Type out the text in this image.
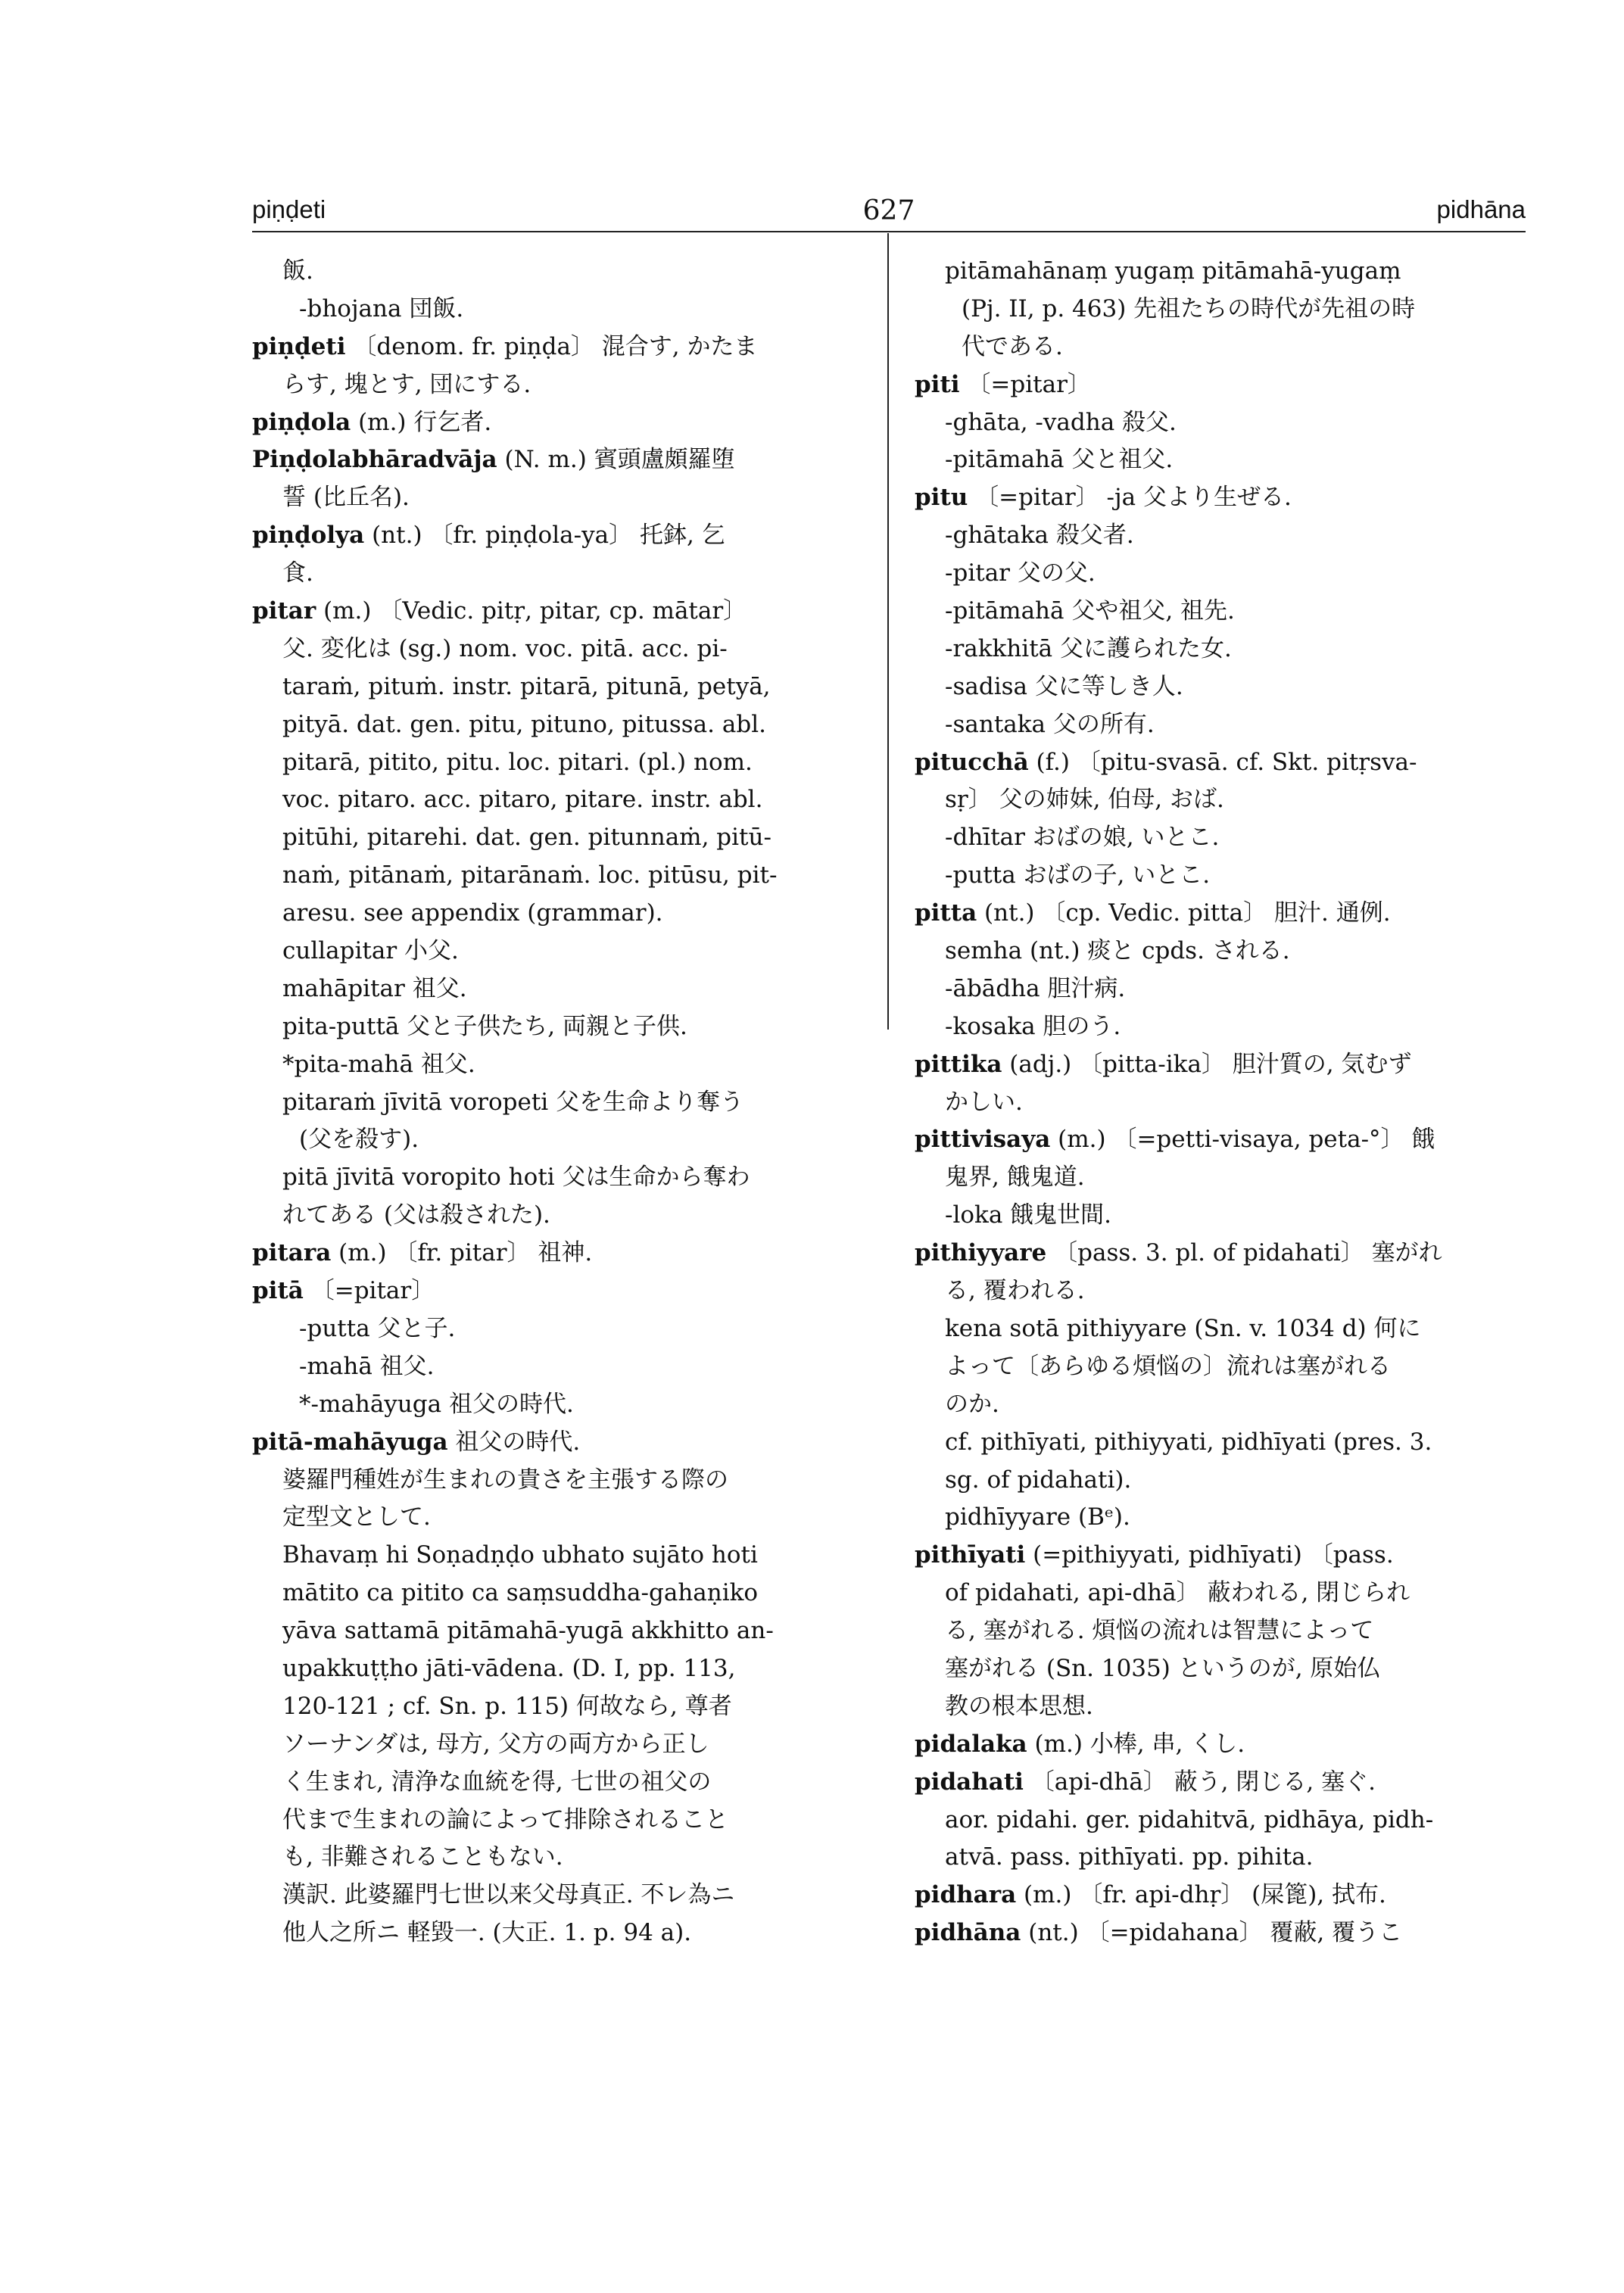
piṇḍeti	627	pidhāna
飯.
-bhojana 団飯.
piṇḍeti 〔denom. fr. piṇḍa〕 混合す, かたま
らす, 塊とす, 団にする.
piṇḍola (m.) 行乞者.
Piṇḍolabhāradvāja (N. m.) 賓頭盧頗羅堕
誓 (比丘名).
piṇḍolya (nt.) 〔fr. piṇḍola-ya〕 托鉢, 乞
食.
pitar (m.) 〔Vedic. pitṛ, pitar, cp. mātar〕
父. 変化は (sg.) nom. voc. pitā. acc. pi-
taraṁ, pituṁ. instr. pitarā, pitunā, petyā,
pityā. dat. gen. pitu, pituno, pitussa. abl.
pitarā, pitito, pitu. loc. pitari. (pl.) nom.
voc. pitaro. acc. pitaro, pitare. instr. abl.
pitūhi, pitarehi. dat. gen. pitunnaṁ, pitū-
naṁ, pitānaṁ, pitarānaṁ. loc. pitūsu, pit-
aresu. see appendix (grammar).
cullapitar 小父.
mahāpitar 祖父.
pita-puttā 父と子供たち, 両親と子供.
*pita-mahā 祖父.
pitaraṁ jīvitā voropeti 父を生命より奪う
(父を殺す).
pitā jīvitā voropito hoti 父は生命から奪わ
れてある (父は殺された).
pitara (m.) 〔fr. pitar〕 祖神.
pitā 〔=pitar〕
-putta 父と子.
-mahā 祖父.
*-mahāyuga 祖父の時代.
pitā-mahāyuga 祖父の時代.
婆羅門種姓が生まれの貴さを主張する際の
定型文として.
Bhavaṃ hi Soṇadṇḍo ubhato sujāto hoti
mātito ca pitito ca saṃsuddha-gahaṇiko
yāva sattamā pitāmahā-yugā akkhitto an-
upakkuṭṭho jāti-vādena. (D. I, pp. 113,
120-121 ; cf. Sn. p. 115) 何故なら, 尊者
ソーナンダは, 母方, 父方の両方から正し
く生まれ, 清浄な血統を得, 七世の祖父の
代まで生まれの論によって排除されること
も, 非難されることもない.
漢訳. 此婆羅門七世以来父母真正. 不レ為ニ
他人之所ニ 軽毀一. (大正. 1. p. 94 a).
pitāmahānaṃ yugaṃ pitāmahā-yugaṃ
(Pj. II, p. 463) 先祖たちの時代が先祖の時
代である.
piti 〔=pitar〕
-ghāta, -vadha 殺父.
-pitāmahā 父と祖父.
pitu 〔=pitar〕 -ja 父より生ぜる.
-ghātaka 殺父者.
-pitar 父の父.
-pitāmahā 父や祖父, 祖先.
-rakkhitā 父に護られた女.
-sadisa 父に等しき人.
-santaka 父の所有.
pitucchā (f.) 〔pitu-svasā. cf. Skt. pitṛsva-
sṛ〕 父の姉妹, 伯母, おば.
-dhītar おばの娘, いとこ.
-putta おばの子, いとこ.
pitta (nt.) 〔cp. Vedic. pitta〕 胆汁. 通例.
semha (nt.) 痰と cpds. される.
-ābādha 胆汁病.
-kosaka 胆のう.
pittika (adj.) 〔pitta-ika〕 胆汁質の, 気むず
かしい.
pittivisaya (m.) 〔=petti-visaya, peta-°〕 餓
鬼界, 餓鬼道.
-loka 餓鬼世間.
pithiyyare 〔pass. 3. pl. of pidahati〕 塞がれ
る, 覆われる.
kena sotā pithiyyare (Sn. v. 1034 d) 何に
よって〔あらゆる煩悩の〕流れは塞がれる
のか.
cf. pithīyati, pithiyyati, pidhīyati (pres. 3.
sg. of pidahati).
pidhīyyare (Bᵉ).
pithīyati (=pithiyyati, pidhīyati) 〔pass.
of pidahati, api-dhā〕 蔽われる, 閉じられ
る, 塞がれる. 煩悩の流れは智慧によって
塞がれる (Sn. 1035) というのが, 原始仏
教の根本思想.
pidalaka (m.) 小棒, 串, くし.
pidahati 〔api-dhā〕 蔽う, 閉じる, 塞ぐ.
aor. pidahi. ger. pidahitvā, pidhāya, pidh-
atvā. pass. pithīyati. pp. pihita.
pidhara (m.) 〔fr. api-dhṛ〕 (屎篦), 拭布.
pidhāna (nt.) 〔=pidahana〕 覆蔽, 覆うこ
